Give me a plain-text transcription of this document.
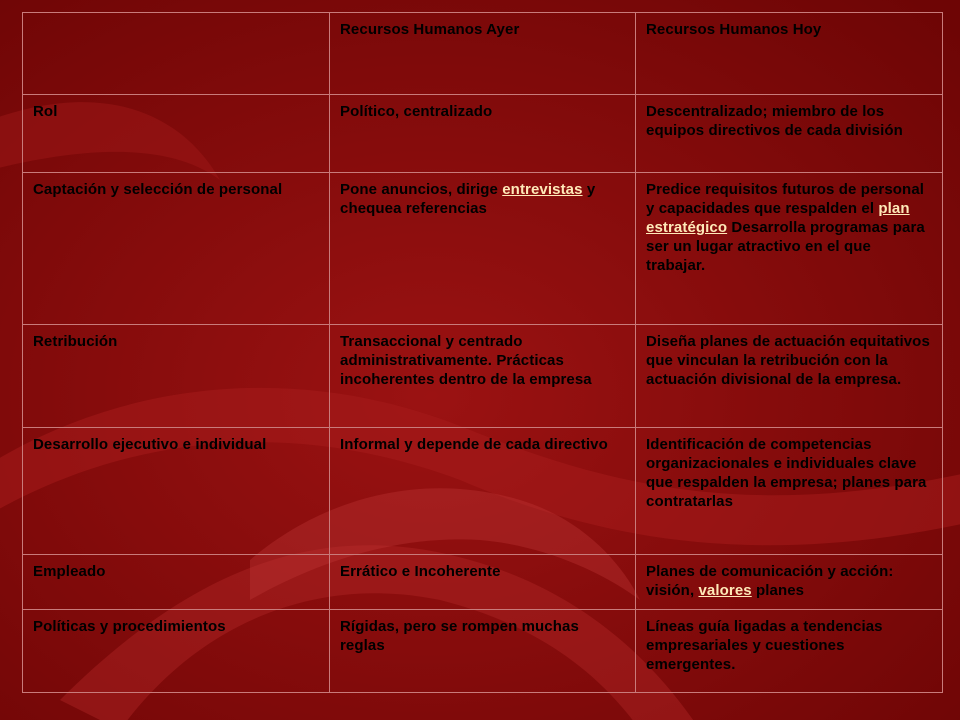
	Recursos Humanos Ayer	Recursos Humanos Hoy
Rol	Político, centralizado	Descentralizado; miembro de los equipos directivos de cada división
Captación y selección de personal	Pone anuncios, dirige entrevistas y chequea referencias	Predice requisitos futuros de personal y capacidades que respalden el plan estratégico Desarrolla programas para ser un lugar atractivo en el que trabajar.
Retribución	Transaccional y centrado administrativamente. Prácticas incoherentes dentro de la empresa	Diseña planes de actuación equitativos que vinculan la retribución con la actuación divisional de la empresa.
Desarrollo ejecutivo e individual	Informal y depende de cada directivo	Identificación de competencias organizacionales e individuales clave que respalden la empresa; planes para contratarlas
Empleado	Errático e Incoherente	Planes de comunicación y acción: visión, valores planes
Políticas y procedimientos	Rígidas, pero se rompen muchas reglas	Líneas guía ligadas a tendencias empresariales y cuestiones emergentes.
